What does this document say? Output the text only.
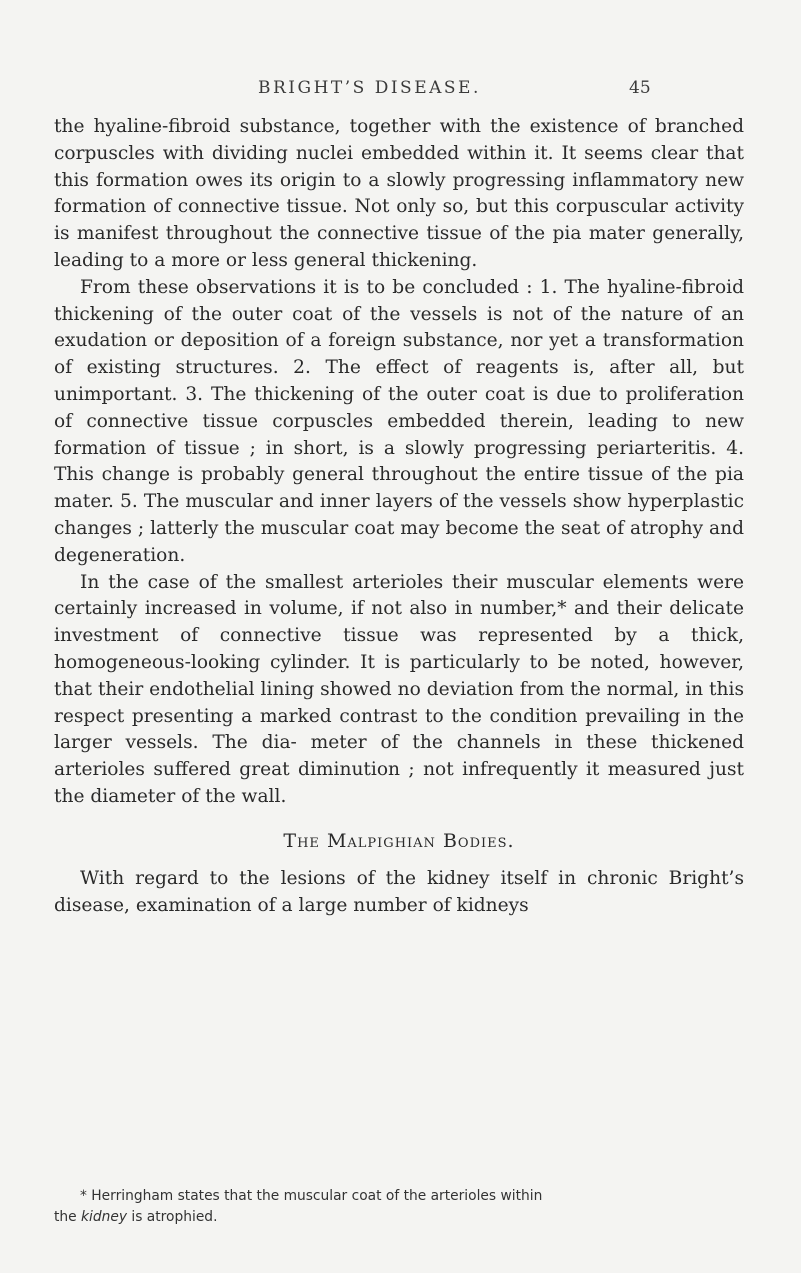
BRIGHT’S DISEASE.	45

the hyaline-fibroid substance, together with the existence of branched corpuscles with dividing nuclei embedded within it. It seems clear that this formation owes its origin to a slowly progressing inflammatory new formation of connective tissue. Not only so, but this corpuscular activity is manifest throughout the connective tissue of the pia mater generally, leading to a more or less general thickening.

From these observations it is to be concluded : 1. The hyaline-fibroid thickening of the outer coat of the vessels is not of the nature of an exudation or deposition of a foreign substance, nor yet a transformation of existing structures. 2. The effect of reagents is, after all, but unimportant. 3. The thickening of the outer coat is due to proliferation of connective tissue corpuscles embedded therein, leading to new formation of tissue ; in short, is a slowly progressing periarteritis. 4. This change is probably general throughout the entire tissue of the pia mater. 5. The muscular and inner layers of the vessels show hyperplastic changes ; latterly the muscular coat may become the seat of atrophy and degeneration.

In the case of the smallest arterioles their muscular elements were certainly increased in volume, if not also in number,* and their delicate investment of connective tissue was represented by a thick, homogeneous-looking cylinder. It is particularly to be noted, however, that their endothelial lining showed no deviation from the normal, in this respect presenting a marked contrast to the condition prevailing in the larger vessels. The dia- meter of the channels in these thickened arterioles suffered great diminution ; not infrequently it measured just the diameter of the wall.

The Malpighian Bodies.

With regard to the lesions of the kidney itself in chronic Bright’s disease, examination of a large number of kidneys

* Herringham states that the muscular coat of the arterioles within

the kidney is atrophied.
